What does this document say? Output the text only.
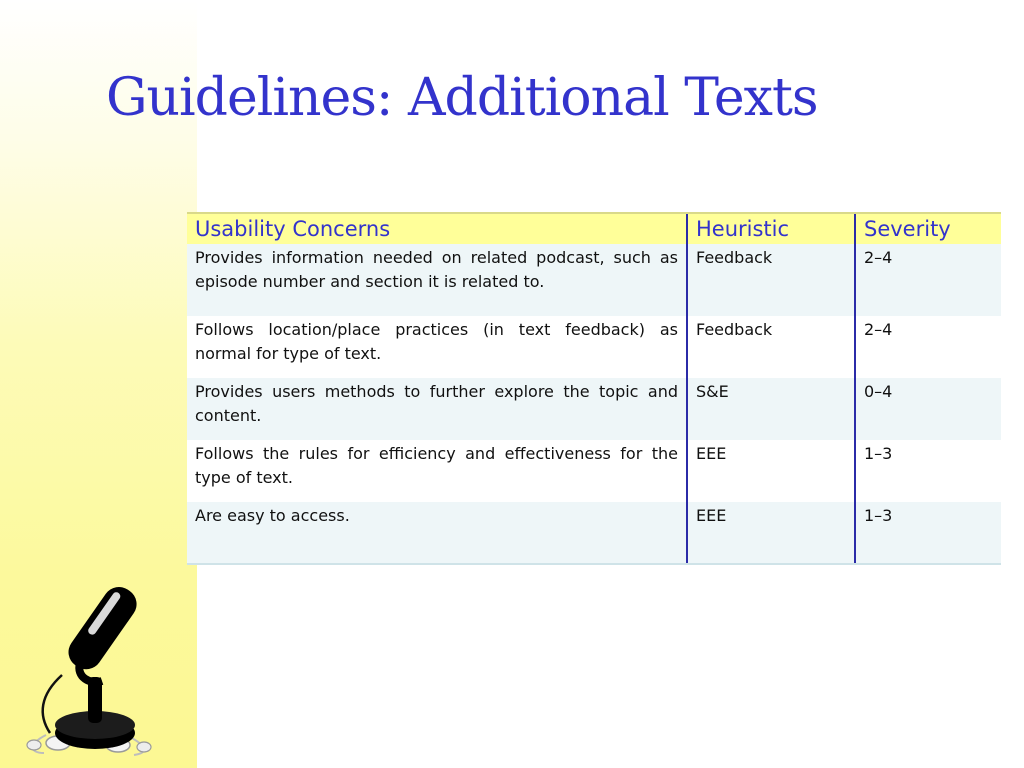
Guidelines: Additional Texts
Usability Concerns	Heuristic	Severity
Provides information needed on related podcast, such as episode number and section it is related to.	Feedback	2–4
Follows location/place practices (in text feedback) as normal for type of text.	Feedback	2–4
Provides users methods to further explore the topic and content.	S&E	0–4
Follows the rules for efficiency and effectiveness for the type of text.	EEE	1–3
Are easy to access.	EEE	1–3
